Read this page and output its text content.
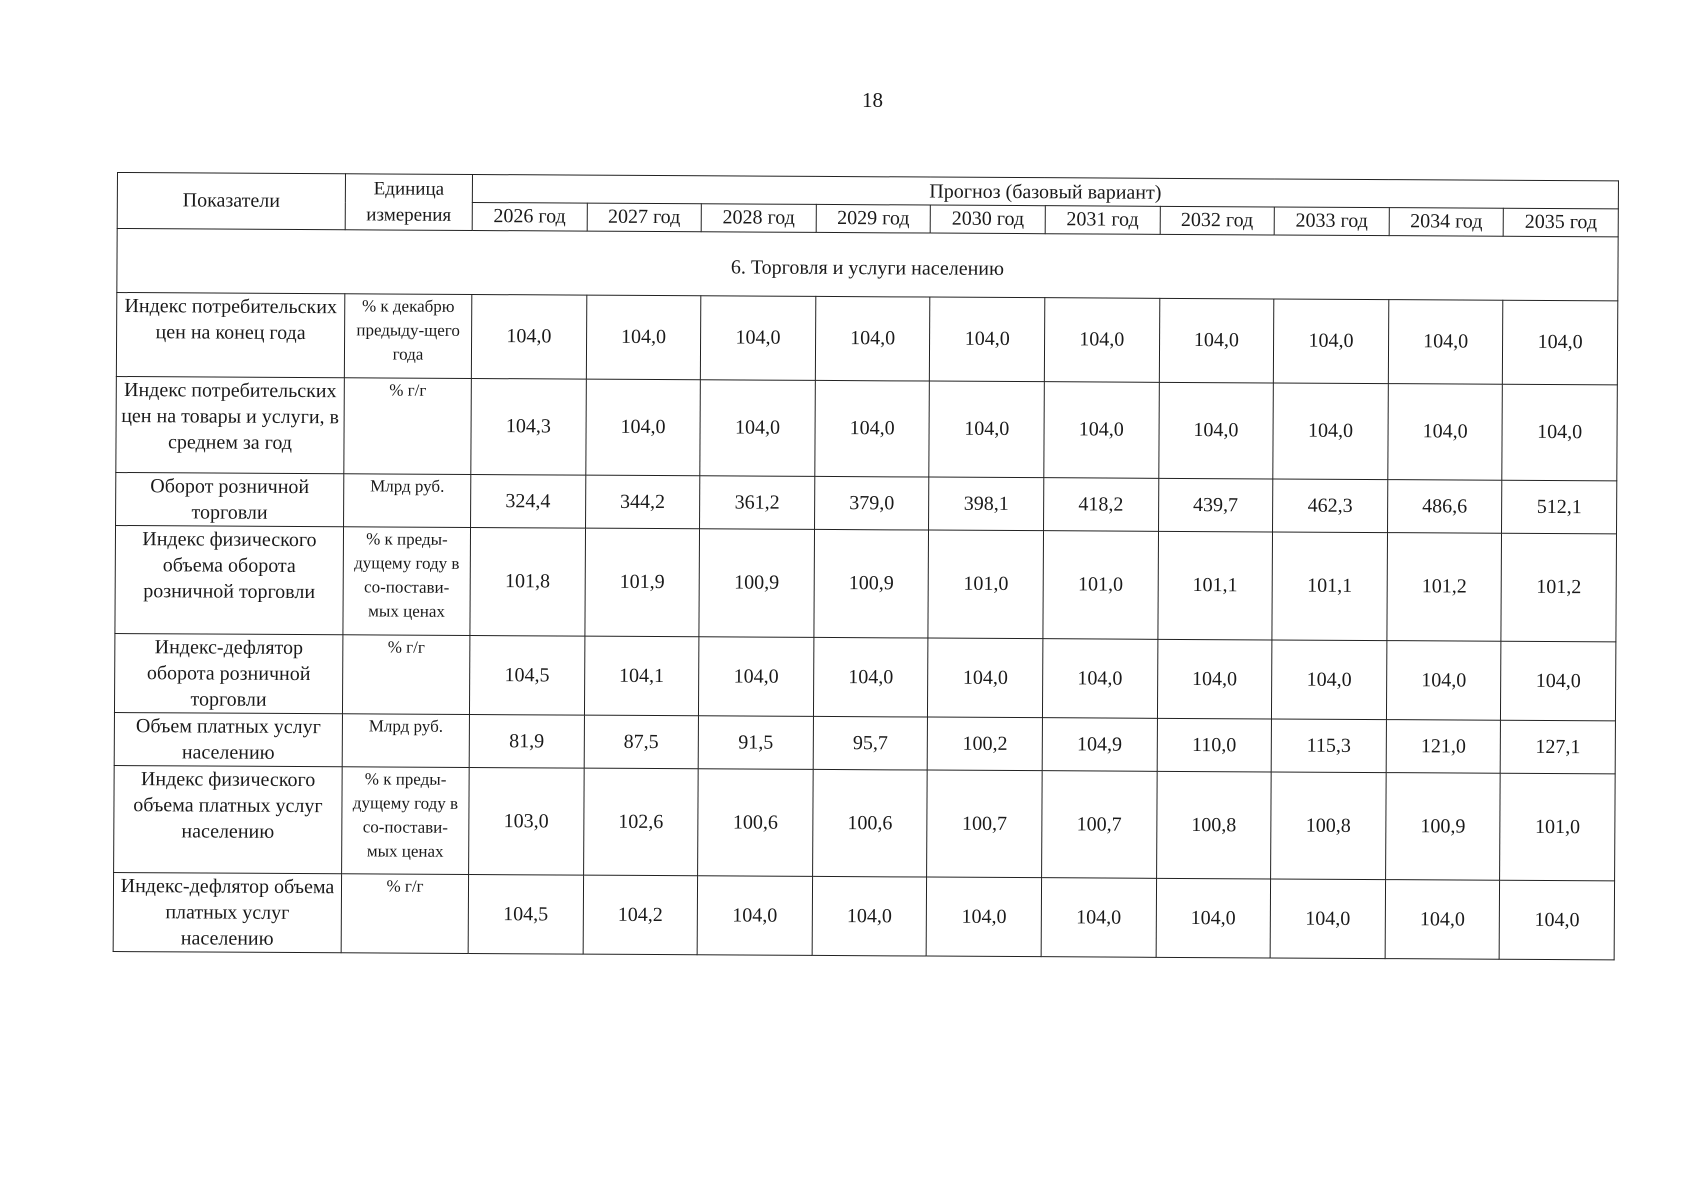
18
Показатели	Единица измерения	Прогноз (базовый вариант)									
		2026 год	2027 год	2028 год	2029 год	2030 год	2031 год	2032 год	2033 год	2034 год	2035 год
6. Торговля и услуги населению											
Индекс потребительских цен на конец года	% к декабрю предыду-щего года	104,0	104,0	104,0	104,0	104,0	104,0	104,0	104,0	104,0	104,0
Индекс потребительских цен на товары и услуги, в среднем за год	% г/г	104,3	104,0	104,0	104,0	104,0	104,0	104,0	104,0	104,0	104,0
Оборот розничной торговли	Млрд руб.	324,4	344,2	361,2	379,0	398,1	418,2	439,7	462,3	486,6	512,1
Индекс физического объема оборота розничной торговли	% к преды-дущему году в со-постави-мых ценах	101,8	101,9	100,9	100,9	101,0	101,0	101,1	101,1	101,2	101,2
Индекс-дефлятор оборота розничной торговли	% г/г	104,5	104,1	104,0	104,0	104,0	104,0	104,0	104,0	104,0	104,0
Объем платных услуг населению	Млрд руб.	81,9	87,5	91,5	95,7	100,2	104,9	110,0	115,3	121,0	127,1
Индекс физического объема платных услуг населению	% к преды-дущему году в со-постави-мых ценах	103,0	102,6	100,6	100,6	100,7	100,7	100,8	100,8	100,9	101,0
Индекс-дефлятор объема платных услуг населению	% г/г	104,5	104,2	104,0	104,0	104,0	104,0	104,0	104,0	104,0	104,0
